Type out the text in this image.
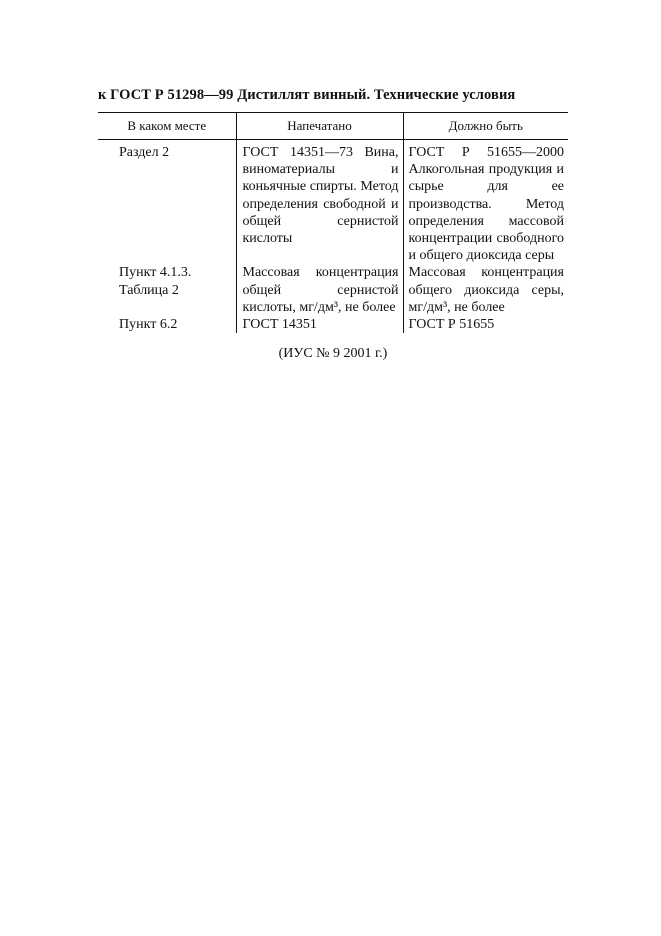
к ГОСТ Р 51298—99 Дистиллят винный. Технические условия
В каком месте	Напечатано	Должно быть
Раздел 2	ГОСТ 14351—73 Вина, виноматериалы и коньячные спирты. Метод определения свободной и общей сернистой кислоты	ГОСТ Р 51655—2000 Алкогольная продукция и сырье для ее производства. Метод определения массовой концентрации свободного и общего диоксида серы
Пункт 4.1.3. Таблица 2	Массовая концентрация общей сернистой кислоты, мг/дм³, не более	Массовая концентрация общего диоксида серы, мг/дм³, не более
Пункт 6.2	ГОСТ 14351	ГОСТ Р 51655
(ИУС № 9 2001 г.)
